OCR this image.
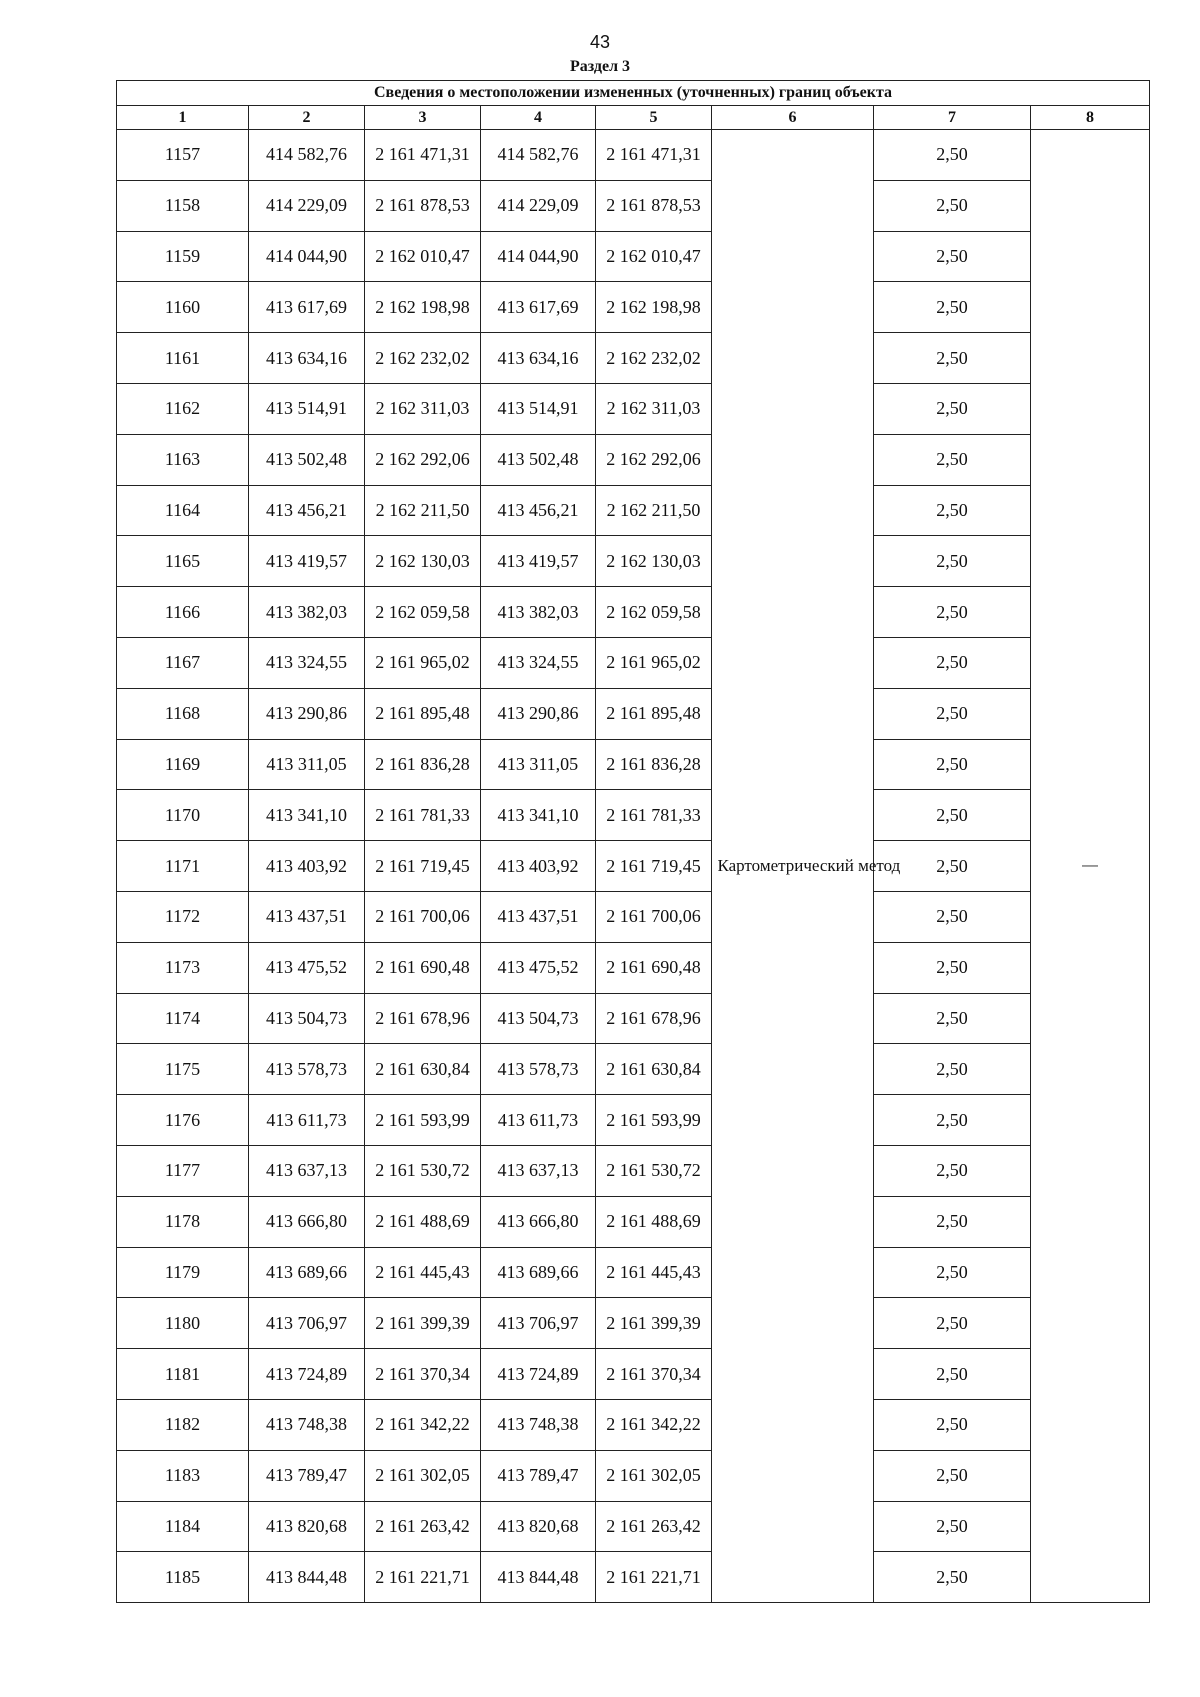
43
Раздел 3
Сведения о местоположении измененных (уточненных) границ объекта							
1	2	3	4	5	6	7	8
1157	414 582,76	2 161 471,31	414 582,76	2 161 471,31	Картометрический метод	2,50	—
1158	414 229,09	2 161 878,53	414 229,09	2 161 878,53		2,50	
1159	414 044,90	2 162 010,47	414 044,90	2 162 010,47		2,50	
1160	413 617,69	2 162 198,98	413 617,69	2 162 198,98		2,50	
1161	413 634,16	2 162 232,02	413 634,16	2 162 232,02		2,50	
1162	413 514,91	2 162 311,03	413 514,91	2 162 311,03		2,50	
1163	413 502,48	2 162 292,06	413 502,48	2 162 292,06		2,50	
1164	413 456,21	2 162 211,50	413 456,21	2 162 211,50		2,50	
1165	413 419,57	2 162 130,03	413 419,57	2 162 130,03		2,50	
1166	413 382,03	2 162 059,58	413 382,03	2 162 059,58		2,50	
1167	413 324,55	2 161 965,02	413 324,55	2 161 965,02		2,50	
1168	413 290,86	2 161 895,48	413 290,86	2 161 895,48		2,50	
1169	413 311,05	2 161 836,28	413 311,05	2 161 836,28		2,50	
1170	413 341,10	2 161 781,33	413 341,10	2 161 781,33		2,50	
1171	413 403,92	2 161 719,45	413 403,92	2 161 719,45		2,50	
1172	413 437,51	2 161 700,06	413 437,51	2 161 700,06		2,50	
1173	413 475,52	2 161 690,48	413 475,52	2 161 690,48		2,50	
1174	413 504,73	2 161 678,96	413 504,73	2 161 678,96		2,50	
1175	413 578,73	2 161 630,84	413 578,73	2 161 630,84		2,50	
1176	413 611,73	2 161 593,99	413 611,73	2 161 593,99		2,50	
1177	413 637,13	2 161 530,72	413 637,13	2 161 530,72		2,50	
1178	413 666,80	2 161 488,69	413 666,80	2 161 488,69		2,50	
1179	413 689,66	2 161 445,43	413 689,66	2 161 445,43		2,50	
1180	413 706,97	2 161 399,39	413 706,97	2 161 399,39		2,50	
1181	413 724,89	2 161 370,34	413 724,89	2 161 370,34		2,50	
1182	413 748,38	2 161 342,22	413 748,38	2 161 342,22		2,50	
1183	413 789,47	2 161 302,05	413 789,47	2 161 302,05		2,50	
1184	413 820,68	2 161 263,42	413 820,68	2 161 263,42		2,50	
1185	413 844,48	2 161 221,71	413 844,48	2 161 221,71		2,50	
